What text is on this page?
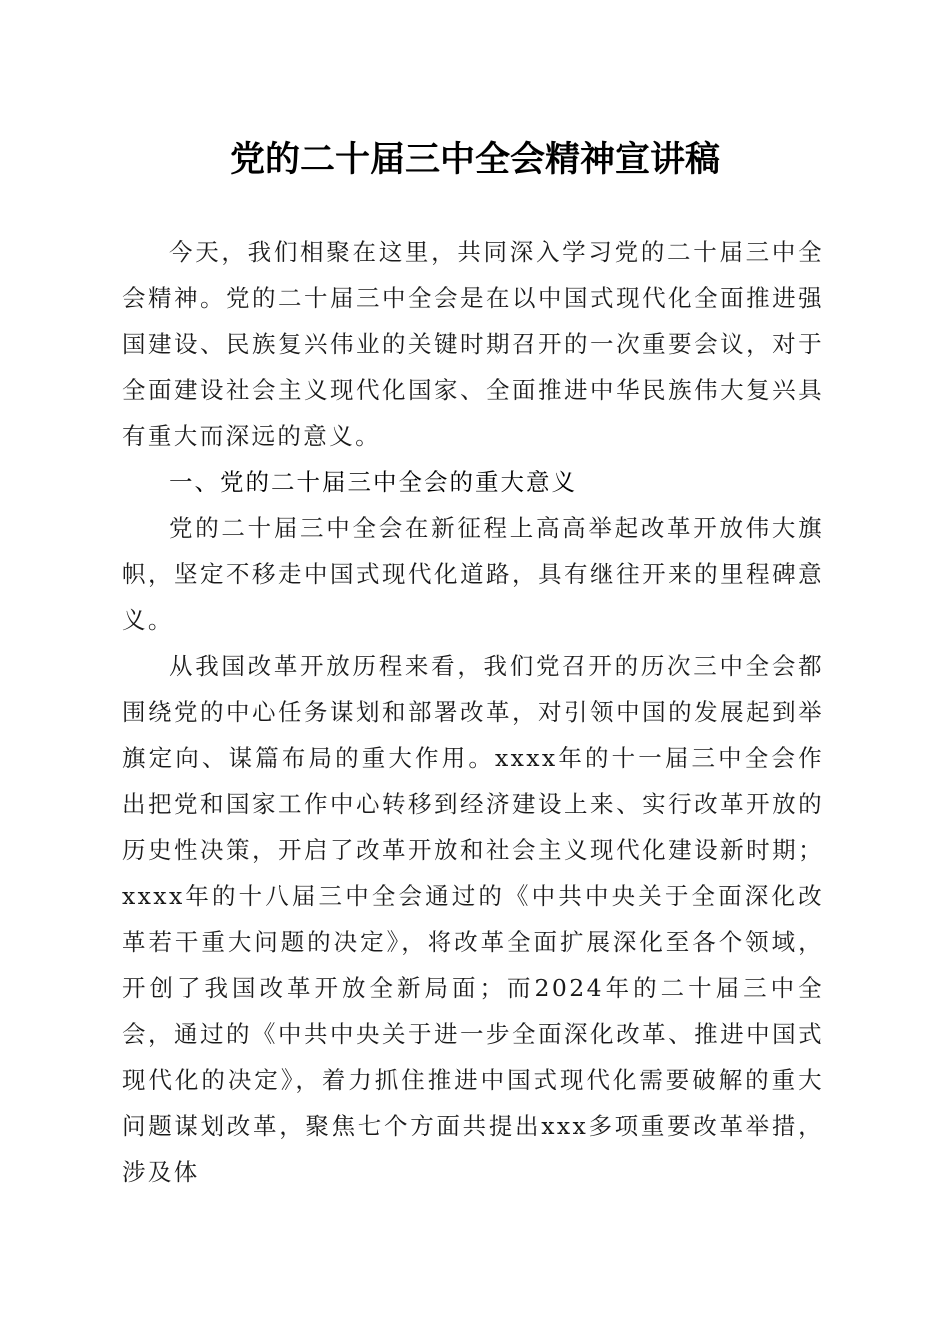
党的二十届三中全会精神宣讲稿

今天，我们相聚在这里，共同深入学习党的二十届三中全会精神。党的二十届三中全会是在以中国式现代化全面推进强国建设、民族复兴伟业的关键时期召开的一次重要会议，对于全面建设社会主义现代化国家、全面推进中华民族伟大复兴具有重大而深远的意义。

一、党的二十届三中全会的重大意义

党的二十届三中全会在新征程上高高举起改革开放伟大旗帜，坚定不移走中国式现代化道路，具有继往开来的里程碑意义。

从我国改革开放历程来看，我们党召开的历次三中全会都围绕党的中心任务谋划和部署改革，对引领中国的发展起到举旗定向、谋篇布局的重大作用。xxxx年的十一届三中全会作出把党和国家工作中心转移到经济建设上来、实行改革开放的历史性决策，开启了改革开放和社会主义现代化建设新时期；xxxx年的十八届三中全会通过的《中共中央关于全面深化改革若干重大问题的决定》，将改革全面扩展深化至各个领域，开创了我国改革开放全新局面；而2024年的二十届三中全会，通过的《中共中央关于进一步全面深化改革、推进中国式现代化的决定》，着力抓住推进中国式现代化需要破解的重大问题谋划改革，聚焦七个方面共提出xxx多项重要改革举措，涉及体
